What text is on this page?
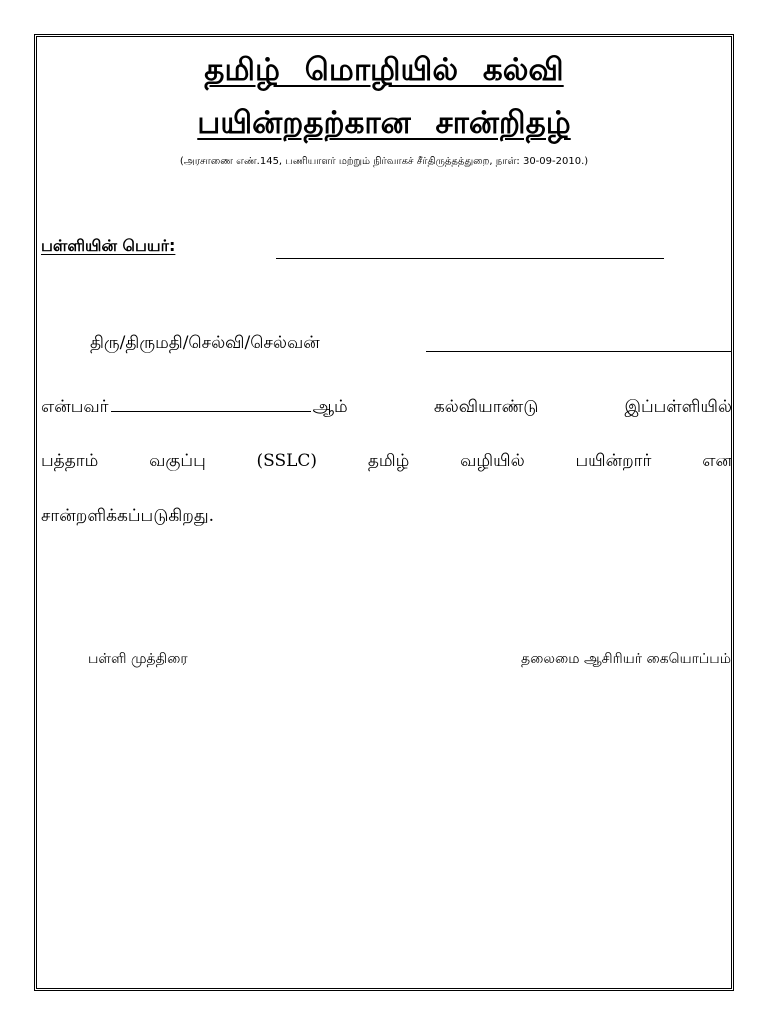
தமிழ் மொழியில் கல்வி
பயின்றதற்கான சான்றிதழ்
(அரசாணை எண்.145, பணியாளர் மற்றும் நிர்வாகச் சீர்திருத்தத்துறை, நாள்: 30-09-2010.)
பள்ளியின் பெயர்:
திரு/திருமதி/செல்வி/செல்வன்
என்பவர்	ஆம்	கல்வியாண்டு	இப்பள்ளியில்
பத்தாம்	வகுப்பு	(SSLC)	தமிழ்	வழியில்	பயின்றார்	என
சான்றளிக்கப்படுகிறது.
பள்ளி முத்திரை	தலைமை ஆசிரியர் கையொப்பம்
